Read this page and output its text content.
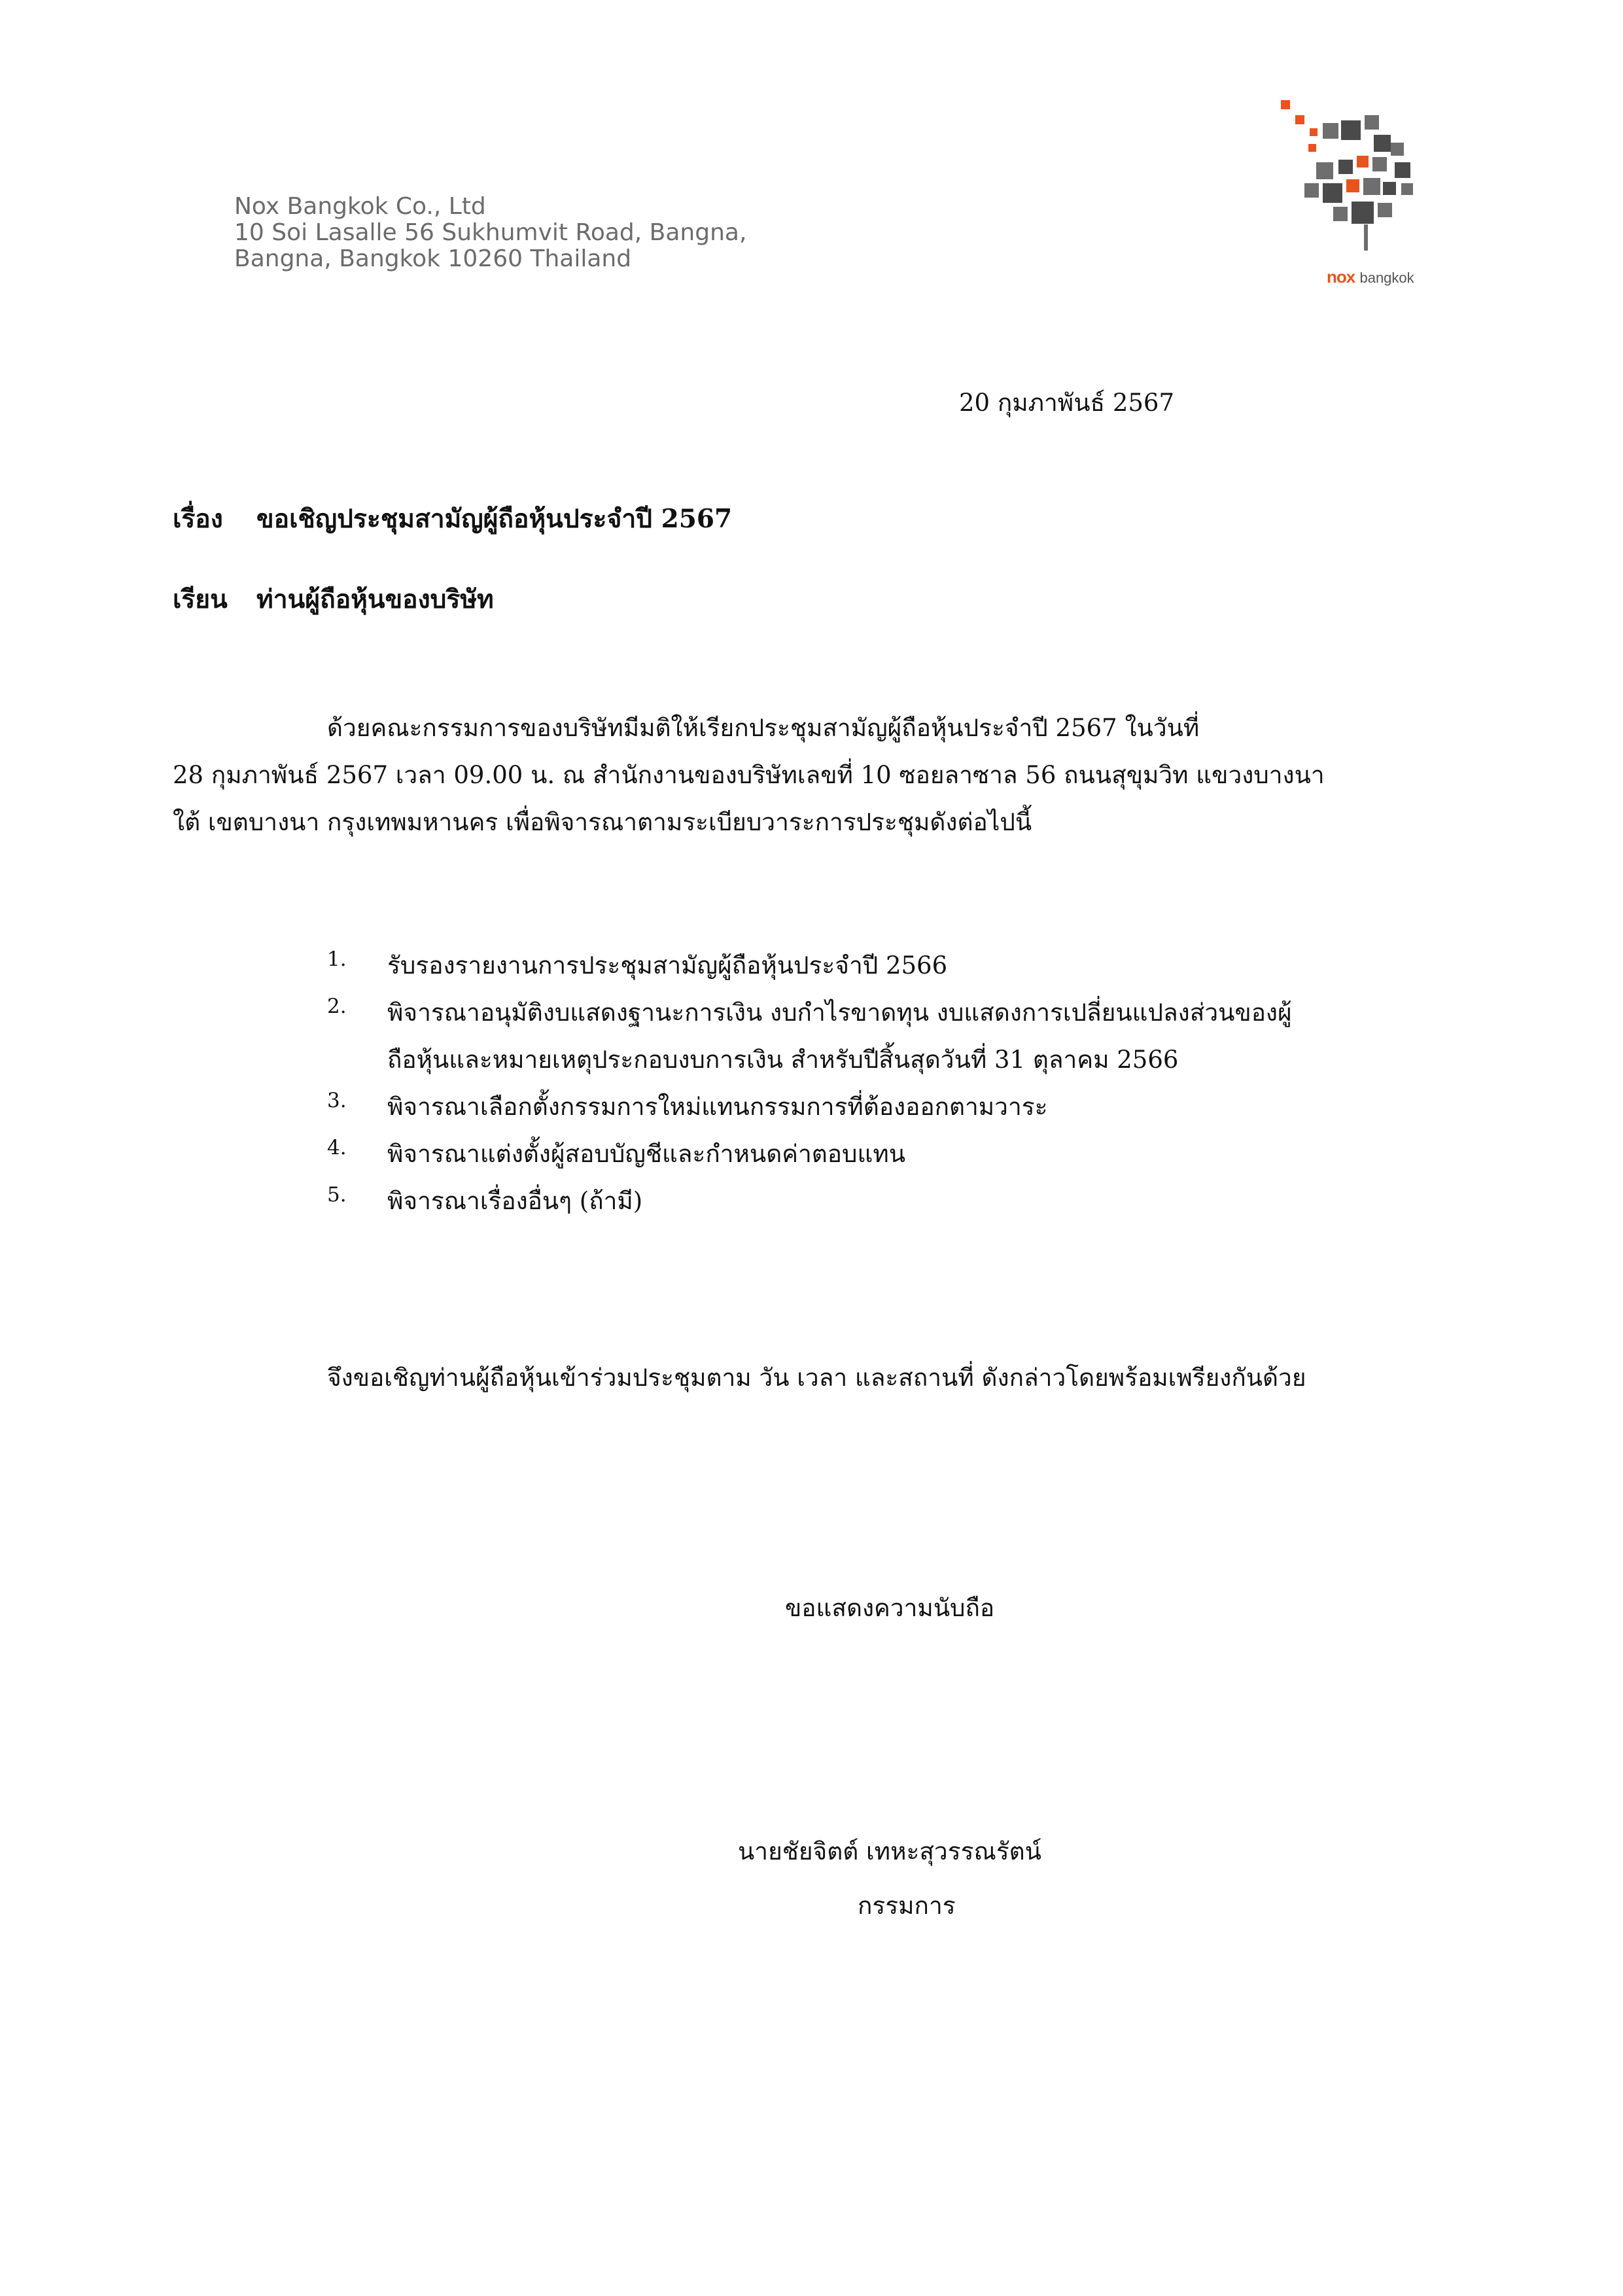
Nox Bangkok Co., Ltd
10 Soi Lasalle 56 Sukhumvit Road, Bangna,
Bangna, Bangkok 10260 Thailand
nox bangkok
20 กุมภาพันธ์ 2567
เรื่อง ขอเชิญประชุมสามัญผู้ถือหุ้นประจำปี 2567
เรียน ท่านผู้ถือหุ้นของบริษัท
ด้วยคณะกรรมการของบริษัทมีมติให้เรียกประชุมสามัญผู้ถือหุ้นประจำปี 2567 ในวันที่
28 กุมภาพันธ์ 2567 เวลา 09.00 น. ณ สำนักงานของบริษัทเลขที่ 10 ซอยลาซาล 56 ถนนสุขุมวิท แขวงบางนา
ใต้ เขตบางนา กรุงเทพมหานคร เพื่อพิจารณาตามระเบียบวาระการประชุมดังต่อไปนี้
1. รับรองรายงานการประชุมสามัญผู้ถือหุ้นประจำปี 2566
2. พิจารณาอนุมัติงบแสดงฐานะการเงิน งบกำไรขาดทุน งบแสดงการเปลี่ยนแปลงส่วนของผู้
ถือหุ้นและหมายเหตุประกอบงบการเงิน สำหรับปีสิ้นสุดวันที่ 31 ตุลาคม 2566
3. พิจารณาเลือกตั้งกรรมการใหม่แทนกรรมการที่ต้องออกตามวาระ
4. พิจารณาแต่งตั้งผู้สอบบัญชีและกำหนดค่าตอบแทน
5. พิจารณาเรื่องอื่นๆ (ถ้ามี)
จึงขอเชิญท่านผู้ถือหุ้นเข้าร่วมประชุมตาม วัน เวลา และสถานที่ ดังกล่าวโดยพร้อมเพรียงกันด้วย
ขอแสดงความนับถือ
นายชัยจิตต์ เทหะสุวรรณรัตน์
กรรมการ
